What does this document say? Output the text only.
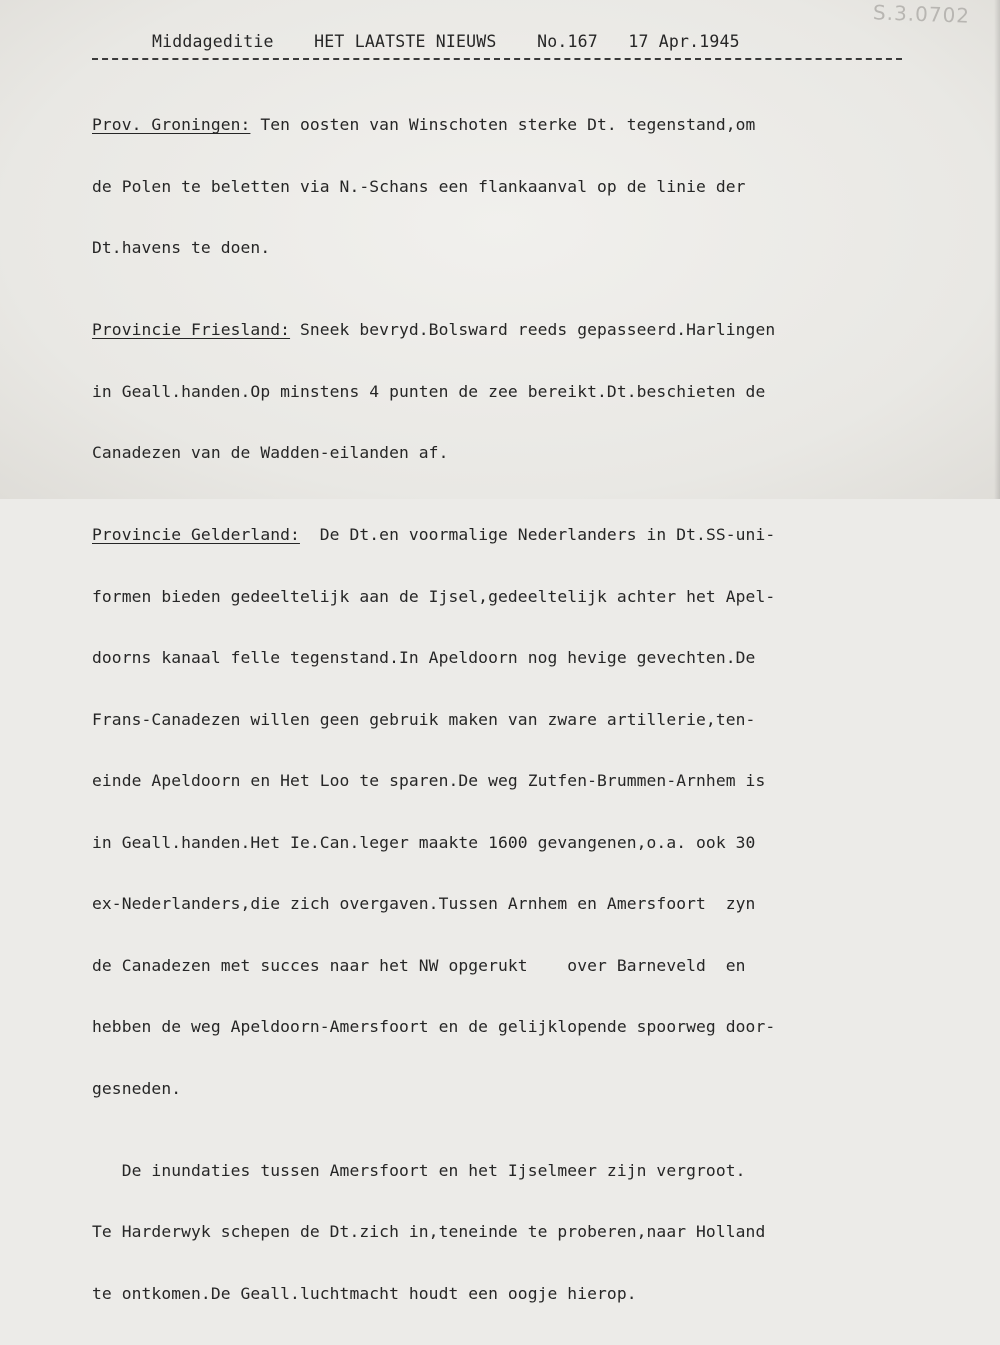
S.3.0702
Middageditie HET LAATSTE NIEUWS No.167 17 Apr.1945

Prov. Groningen: Ten oosten van Winschoten sterke Dt. tegenstand,om

de Polen te beletten via N.-Schans een flankaanval op de linie der

Dt.havens te doen.

Provincie Friesland: Sneek bevryd.Bolsward reeds gepasseerd.Harlingen

in Geall.handen.Op minstens 4 punten de zee bereikt.Dt.beschieten de

Canadezen van de Wadden-eilanden af.

Provincie Gelderland:  De Dt.en voormalige Nederlanders in Dt.SS-uni-

formen bieden gedeeltelijk aan de Ijsel,gedeeltelijk achter het Apel-

doorns kanaal felle tegenstand.In Apeldoorn nog hevige gevechten.De

Frans-Canadezen willen geen gebruik maken van zware artillerie,ten-

einde Apeldoorn en Het Loo te sparen.De weg Zutfen-Brummen-Arnhem is

in Geall.handen.Het Ie.Can.leger maakte 1600 gevangenen,o.a. ook 30

ex-Nederlanders,die zich overgaven.Tussen Arnhem en Amersfoort  zyn

de Canadezen met succes naar het NW opgerukt    over Barneveld  en

hebben de weg Apeldoorn-Amersfoort en de gelijklopende spoorweg door-

gesneden.

De inundaties tussen Amersfoort en het Ijselmeer zijn vergroot.

Te Harderwyk schepen de Dt.zich in,teneinde te proberen,naar Holland

te ontkomen.De Geall.luchtmacht houdt een oogje hierop.
